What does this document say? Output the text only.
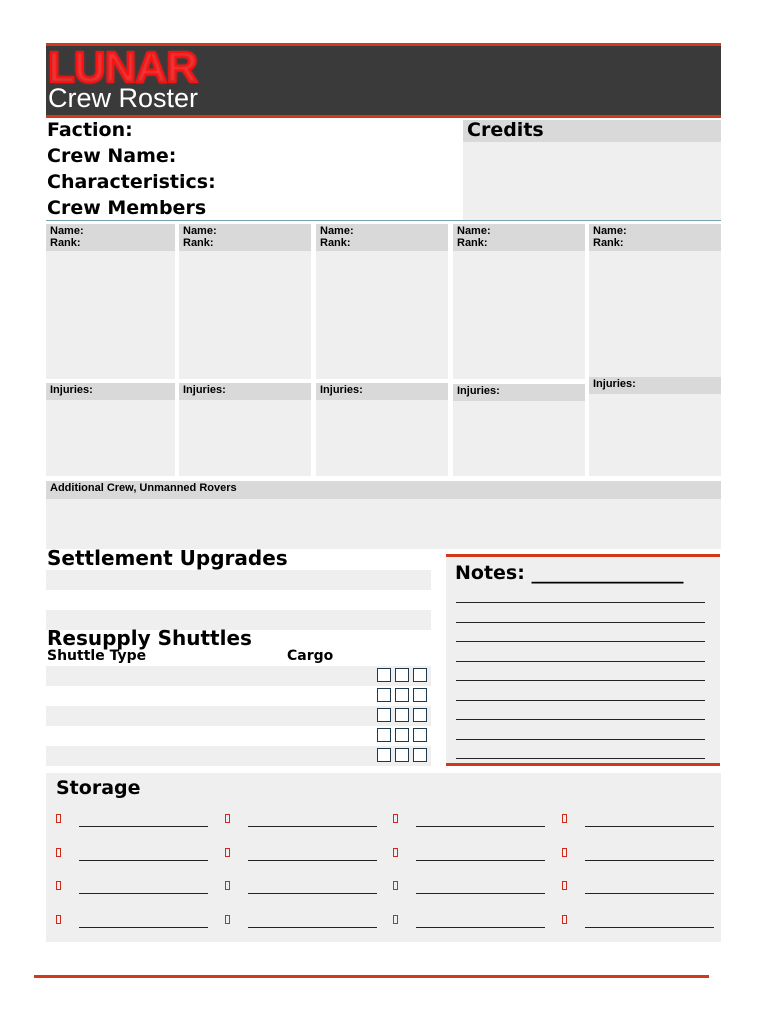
LUNAR
Crew Roster
Faction:
Crew Name:
Characteristics:
Crew Members
Credits
Name:
Rank:
Injuries:
Name:
Rank:
Injuries:
Name:
Rank:
Injuries:
Name:
Rank:
Injuries:
Name:
Rank:
Injuries:
Additional Crew, Unmanned Rovers
Settlement Upgrades
Resupply Shuttles
Shuttle Type	Cargo
Notes: ________________
Storage
